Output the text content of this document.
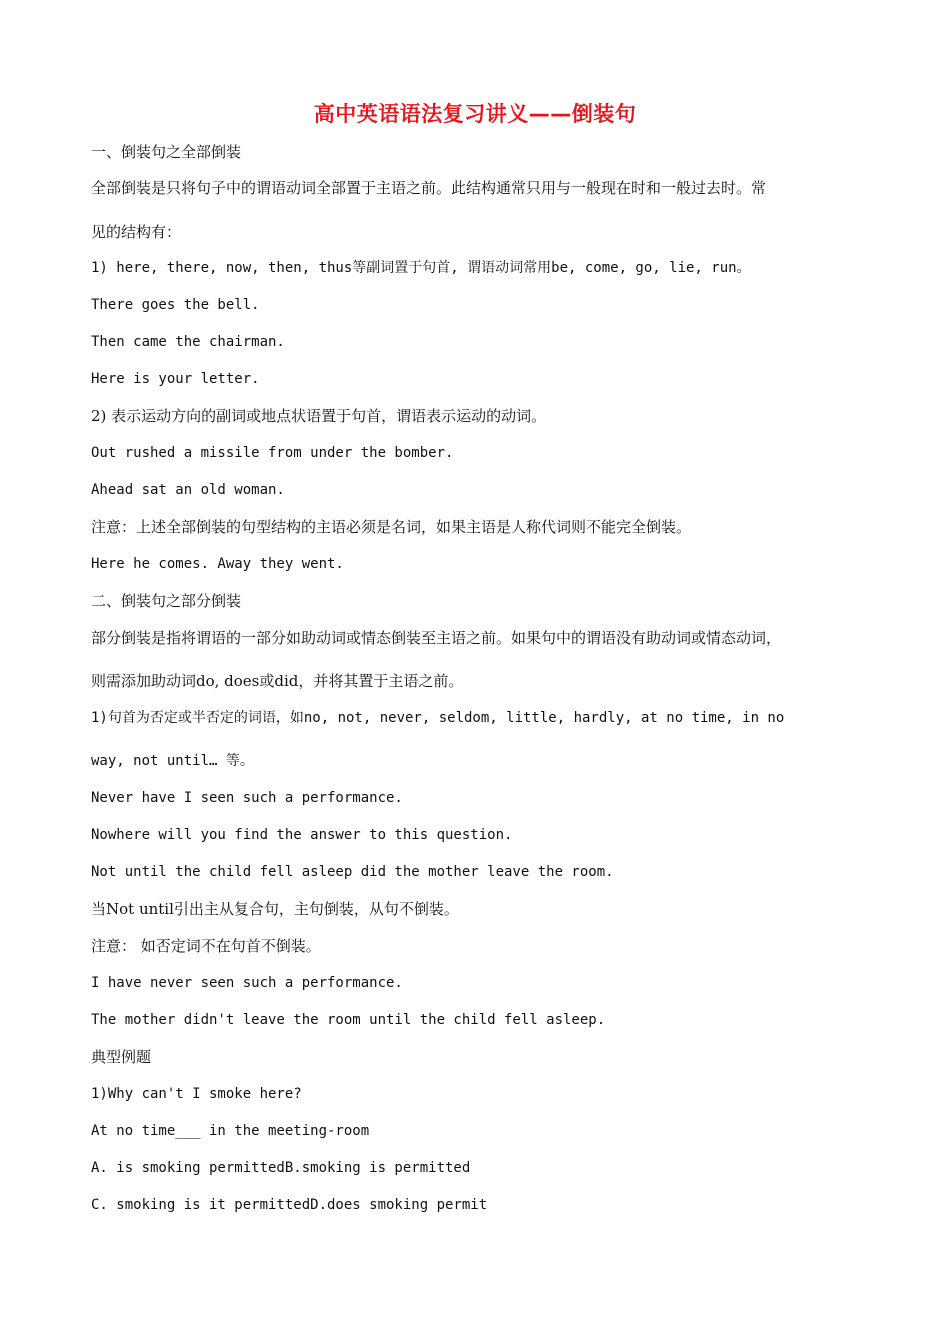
高中英语语法复习讲义——倒装句
一、倒装句之全部倒装
全部倒装是只将句子中的谓语动词全部置于主语之前。此结构通常只用与一般现在时和一般过去时。常
见的结构有：
1) here, there, now, then, thus等副词置于句首, 谓语动词常用be, come, go, lie, run。
There goes the bell.
Then came the chairman.
Here is your letter.
2) 表示运动方向的副词或地点状语置于句首，谓语表示运动的动词。
Out rushed a missile from under the bomber.
Ahead sat an old woman.
注意：上述全部倒装的句型结构的主语必须是名词，如果主语是人称代词则不能完全倒装。
Here he comes. Away they went.
二、倒装句之部分倒装
部分倒装是指将谓语的一部分如助动词或情态倒装至主语之前。如果句中的谓语没有助动词或情态动词，
则需添加助动词do, does或did，并将其置于主语之前。
1)句首为否定或半否定的词语，如no, not, never, seldom, little, hardly, at no time, in no
way, not until… 等。
Never have I seen such a performance.
Nowhere will you find the answer to this question.
Not until the child fell asleep did the mother leave the room.
当Not until引出主从复合句，主句倒装，从句不倒装。
注意： 如否定词不在句首不倒装。
I have never seen such a performance.
The mother didn't leave the room until the child fell asleep.
典型例题
1)Why can't I smoke here?
At no time___ in the meeting-room
A. is smoking permittedB.smoking is permitted
C. smoking is it permittedD.does smoking permit
